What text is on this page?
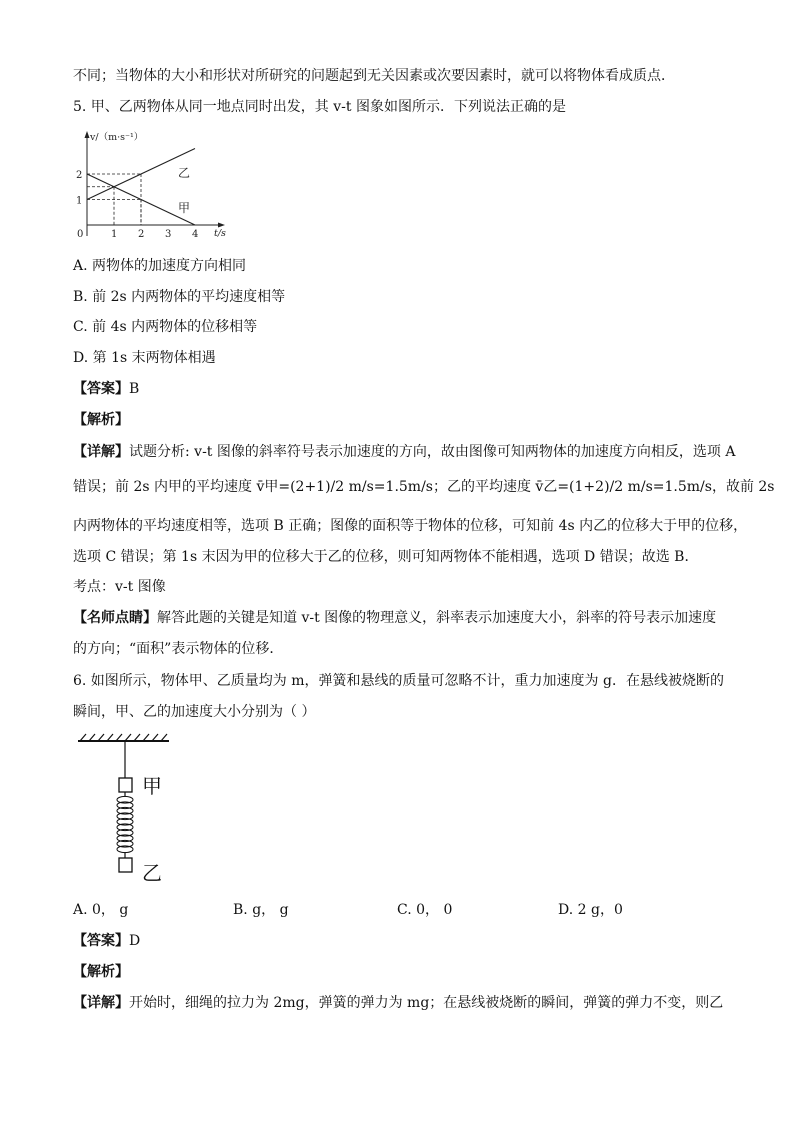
不同；当物体的大小和形状对所研究的问题起到无关因素或次要因素时，就可以将物体看成质点．
5. 甲、乙两物体从同一地点同时出发，其 v-t 图象如图所示．下列说法正确的是
v/（m·s⁻¹）
t/s
0	1 2 3 4
1
2	乙
甲
A. 两物体的加速度方向相同
B. 前 2s 内两物体的平均速度相等
C. 前 4s 内两物体的位移相等
D. 第 1s 末两物体相遇
【答案】B
【解析】
【详解】试题分析: v-t 图像的斜率符号表示加速度的方向，故由图像可知两物体的加速度方向相反，选项 A
错误；前 2s 内甲的平均速度 v̄甲=(2+1)/2 m/s=1.5m/s；乙的平均速度 v̄乙=(1+2)/2 m/s=1.5m/s，故前 2s
内两物体的平均速度相等，选项 B 正确；图像的面积等于物体的位移，可知前 4s 内乙的位移大于甲的位移，
选项 C 错误；第 1s 末因为甲的位移大于乙的位移，则可知两物体不能相遇，选项 D 错误；故选 B．
考点：v-t 图像
【名师点睛】解答此题的关键是知道 v-t 图像的物理意义，斜率表示加速度大小，斜率的符号表示加速度
的方向；“面积”表示物体的位移．
6. 如图所示，物体甲、乙质量均为 m，弹簧和悬线的质量可忽略不计，重力加速度为 g．在悬线被烧断的
瞬间，甲、乙的加速度大小分别为（ ）
甲
乙
A. 0， g	B. g， g	C. 0， 0	D. 2 g，0
【答案】D
【解析】
【详解】开始时，细绳的拉力为 2mg，弹簧的弹力为 mg；在悬线被烧断的瞬间，弹簧的弹力不变，则乙
